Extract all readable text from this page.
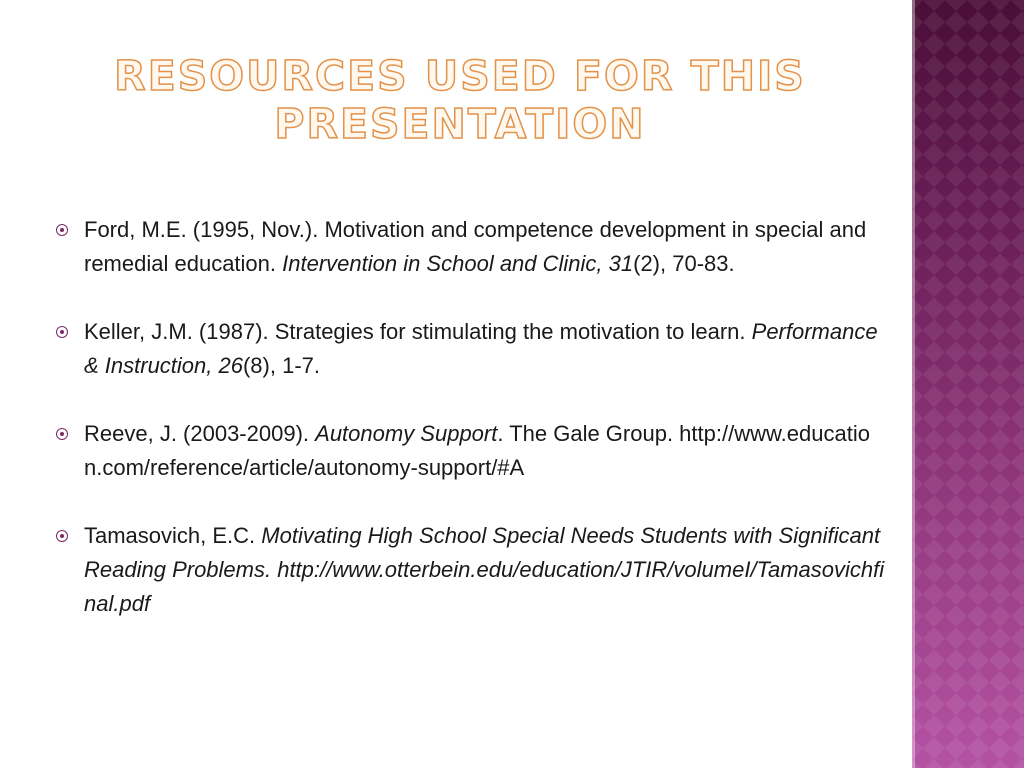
RESOURCES USED FOR THIS PRESENTATION
Ford, M.E. (1995, Nov.). Motivation and competence development in special and remedial education. Intervention in School and Clinic, 31(2), 70-83.
Keller, J.M. (1987). Strategies for stimulating the motivation to learn. Performance & Instruction, 26(8), 1-7.
Reeve, J. (2003-2009). Autonomy Support. The Gale Group. http://www.education.com/reference/article/autonomy-support/#A
Tamasovich, E.C. Motivating High School Special Needs Students with Significant Reading Problems. http://www.otterbein.edu/education/JTIR/volumeI/Tamasovichfinal.pdf
